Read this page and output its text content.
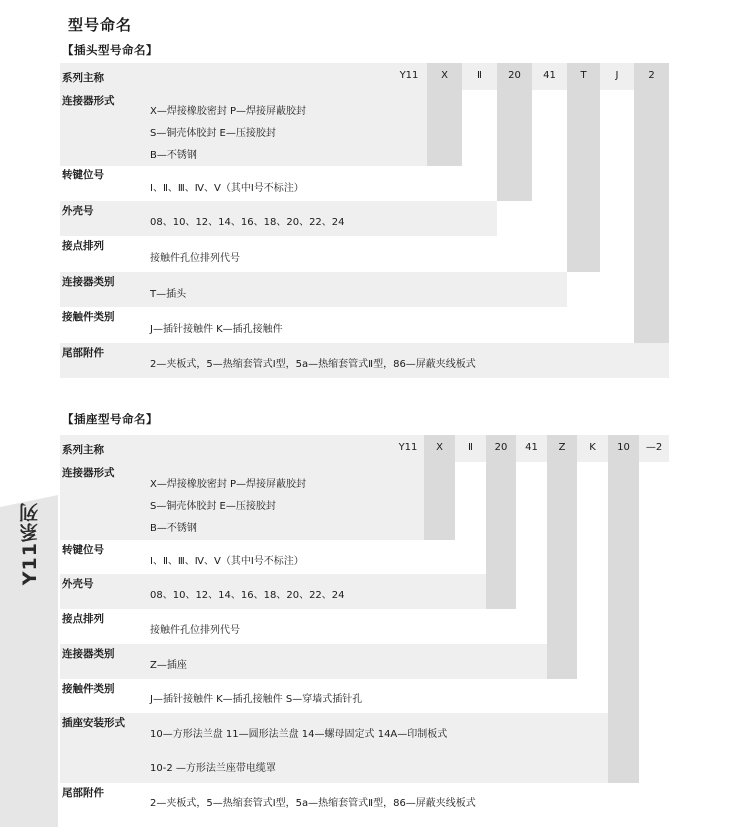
型号命名
Y11系列
【插头型号命名】
系列主称	Y11	X	Ⅱ	20	41	T	J	2
连接器形式
X—焊接橡胶密封 P—焊接屏蔽胶封
S—铜壳体胶封 E—压接胶封
B—不锈钢
转键位号
Ⅰ、Ⅱ、Ⅲ、Ⅳ、Ⅴ（其中Ⅰ号不标注）
外壳号
08、10、12、14、16、18、20、22、24
接点排列
接触件孔位排列代号
连接器类别
T—插头
接触件类别
J—插针接触件 K—插孔接触件
尾部附件
2—夹板式，5—热缩套管式Ⅰ型，5a—热缩套管式Ⅱ型，86—屏蔽夹线板式
【插座型号命名】
系列主称	Y11	X	Ⅱ	20	41	Z	K	10	—2
连接器形式
X—焊接橡胶密封 P—焊接屏蔽胶封
S—铜壳体胶封 E—压接胶封
B—不锈钢
转键位号
Ⅰ、Ⅱ、Ⅲ、Ⅳ、Ⅴ（其中Ⅰ号不标注）
外壳号
08、10、12、14、16、18、20、22、24
接点排列
接触件孔位排列代号
连接器类别
Z—插座
接触件类别
J—插针接触件 K—插孔接触件 S—穿墙式插针孔
插座安装形式
10—方形法兰盘 11—圆形法兰盘 14—螺母固定式 14A—印制板式
10-2 —方形法兰座带电缆罩
尾部附件
2—夹板式，5—热缩套管式Ⅰ型，5a—热缩套管式Ⅱ型，86—屏蔽夹线板式
